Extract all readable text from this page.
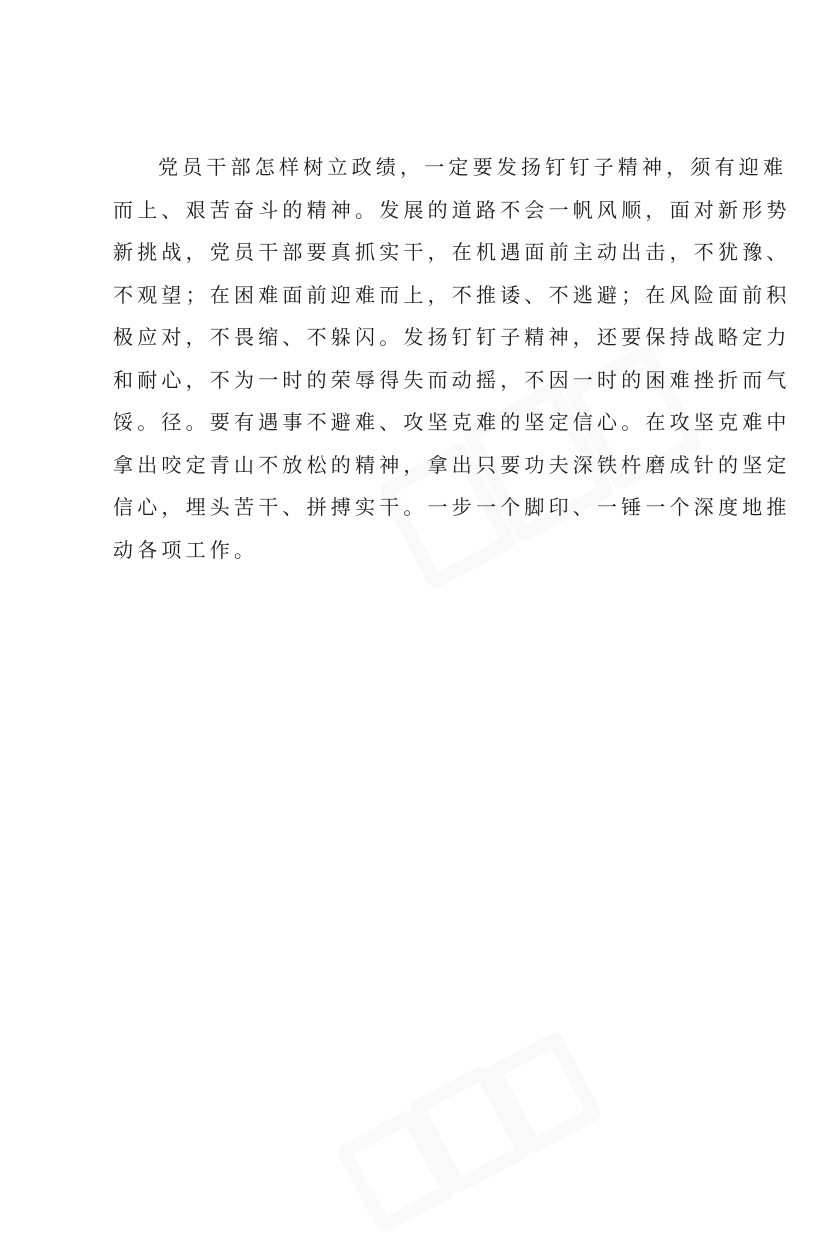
党员干部怎样树立政绩，一定要发扬钉钉子精神，须有迎难
而上、艰苦奋斗的精神。发展的道路不会一帆风顺，面对新形势
新挑战，党员干部要真抓实干，在机遇面前主动出击，不犹豫、
不观望；在困难面前迎难而上，不推诿、不逃避；在风险面前积
极应对，不畏缩、不躲闪。发扬钉钉子精神，还要保持战略定力
和耐心，不为一时的荣辱得失而动摇，不因一时的困难挫折而气
馁。径。要有遇事不避难、攻坚克难的坚定信心。在攻坚克难中
拿出咬定青山不放松的精神，拿出只要功夫深铁杵磨成针的坚定
信心，埋头苦干、拼搏实干。一步一个脚印、一锤一个深度地推
动各项工作。
